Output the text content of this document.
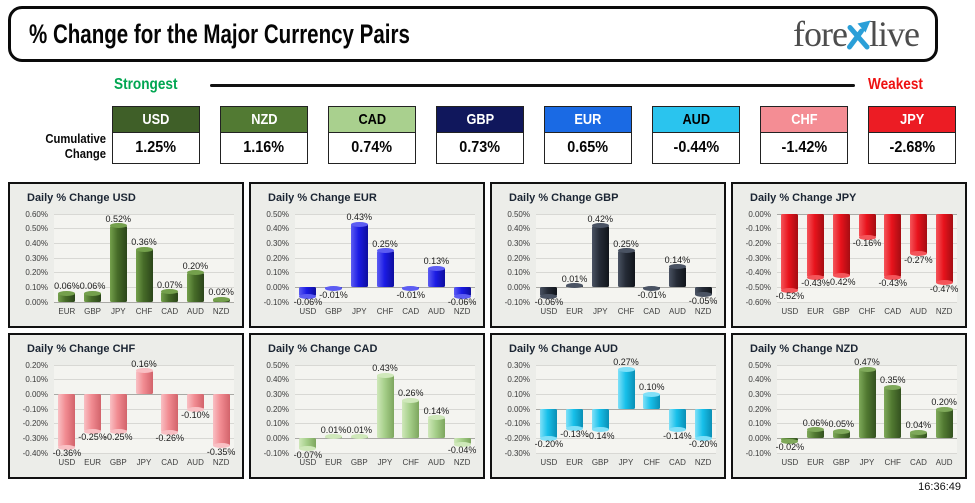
% Change for the Major Currency Pairs	fore live
Strongest	Weakest
Cumulative
Change
USD
1.25%
NZD
1.16%
CAD
0.74%
GBP
0.73%
EUR
0.65%
AUD
-0.44%
CHF
-1.42%
JPY
-2.68%
Daily % Change USD
0.60%
0.50%
0.40%
0.30%
0.20%
0.10%
0.00%
0.06%
EUR
0.06%
GBP
0.52%
JPY
0.36%
CHF
0.07%
CAD
0.20%
AUD
0.02%
NZD
Daily % Change EUR
0.50%
0.40%
0.30%
0.20%
0.10%
0.00%
-0.10% -0.06%
USD
-0.01%
GBP
0.43%
JPY
0.25%
CHF
-0.01%
CAD
0.13%
AUD
-0.06%
NZD
Daily % Change GBP
0.50%
0.40%
0.30%
0.20%
0.10%
0.00%
-0.10% -0.06%
USD
0.01%
EUR
0.42%
JPY
0.25%
CHF
-0.01%
CAD
0.14%
AUD
-0.05%
NZD
Daily % Change JPY
0.00%
-0.10%
-0.20%
-0.30%
-0.40%
-0.50%
-0.60%
-0.52%
USD
-0.43%
EUR
-0.42%
GBP
-0.16%
CHF
-0.43%
CAD
-0.27%
AUD
-0.47%
NZD
Daily % Change CHF
0.20%
0.10%
0.00%
-0.10%
-0.20%
-0.30%
-0.40% -0.36%
USD
-0.25%
EUR
-0.25%
GBP
0.16%
JPY
-0.26%
CAD
-0.10%
AUD
-0.35%
NZD
Daily % Change CAD
0.50%
0.40%
0.30%
0.20%
0.10%
0.00%
-0.10% -0.07%
USD
0.01%
EUR
0.01%
GBP
0.43%
JPY
0.26%
CHF
0.14%
AUD
-0.04%
NZD
Daily % Change AUD
0.30%
0.20%
0.10%
0.00%
-0.10%
-0.20%
-0.30%
-0.20%
USD
-0.13%
EUR
-0.14%
GBP
0.27%
JPY
0.10%
CHF
-0.14%
CAD
-0.20%
NZD
Daily % Change NZD
0.50%
0.40%
0.30%
0.20%
0.10%
0.00%
-0.10%
-0.02%
USD
0.06%
EUR
0.05%
GBP
0.47%
JPY
0.35%
CHF
0.04%
CAD
0.20%
AUD
16:36:49
